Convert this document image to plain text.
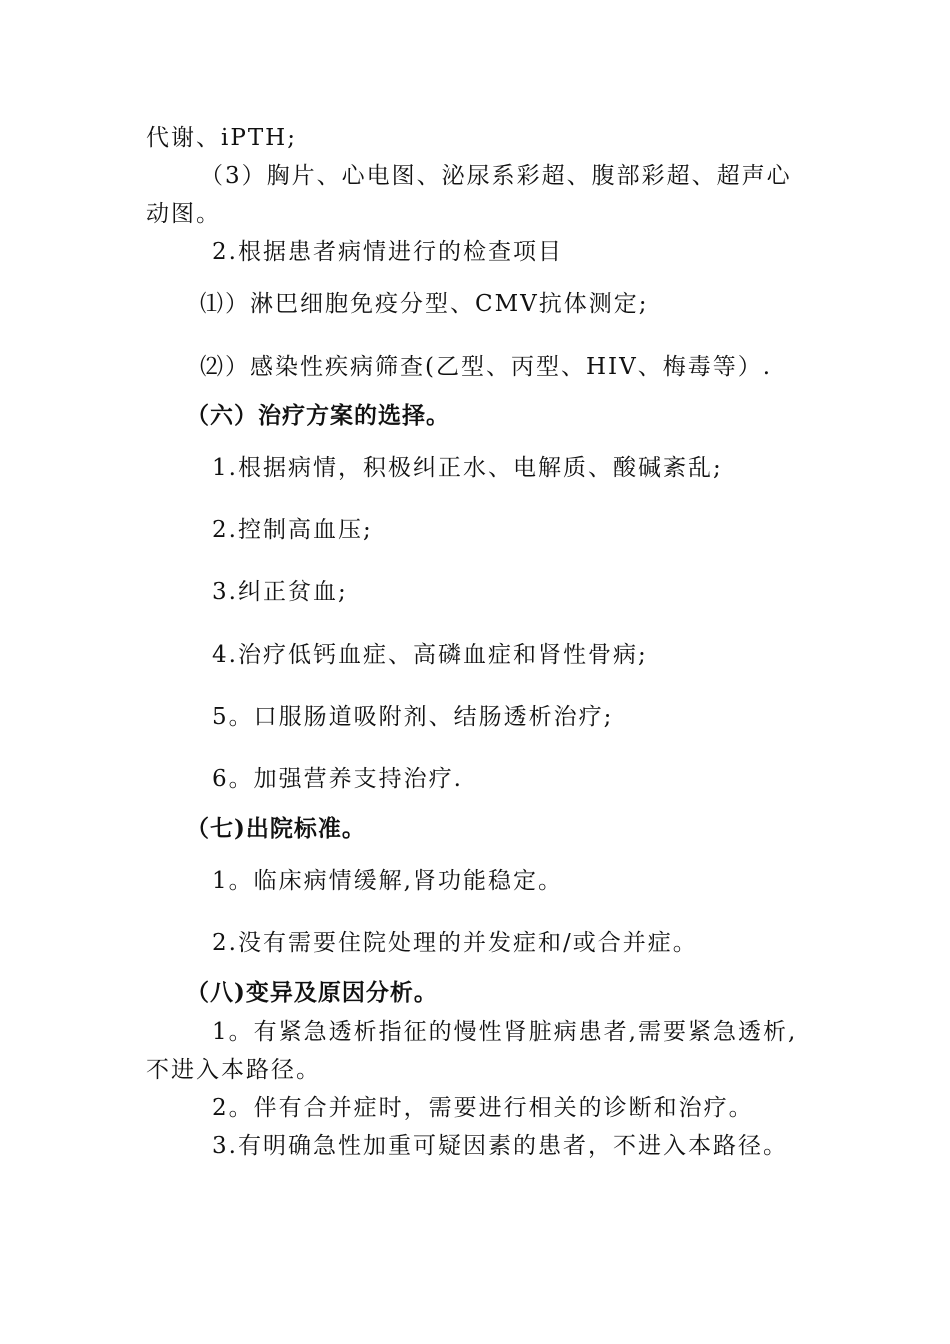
代谢、iPTH;
（3）胸片、心电图、泌尿系彩超、腹部彩超、超声心
动图。
2.根据患者病情进行的检查项目
⑴）淋巴细胞免疫分型、CMV抗体测定;
⑵）感染性疾病筛查(乙型、丙型、HIV、梅毒等）.
（六）治疗方案的选择。
1.根据病情，积极纠正水、电解质、酸碱紊乱;
2.控制高血压;
3.纠正贫血;
4.治疗低钙血症、高磷血症和肾性骨病;
5。口服肠道吸附剂、结肠透析治疗;
6。加强营养支持治疗.
（七)出院标准。
1。临床病情缓解,肾功能稳定。
2.没有需要住院处理的并发症和/或合并症。
（八)变异及原因分析。
1。有紧急透析指征的慢性肾脏病患者,需要紧急透析,
不进入本路径。
2。伴有合并症时，需要进行相关的诊断和治疗。
3.有明确急性加重可疑因素的患者，不进入本路径。
